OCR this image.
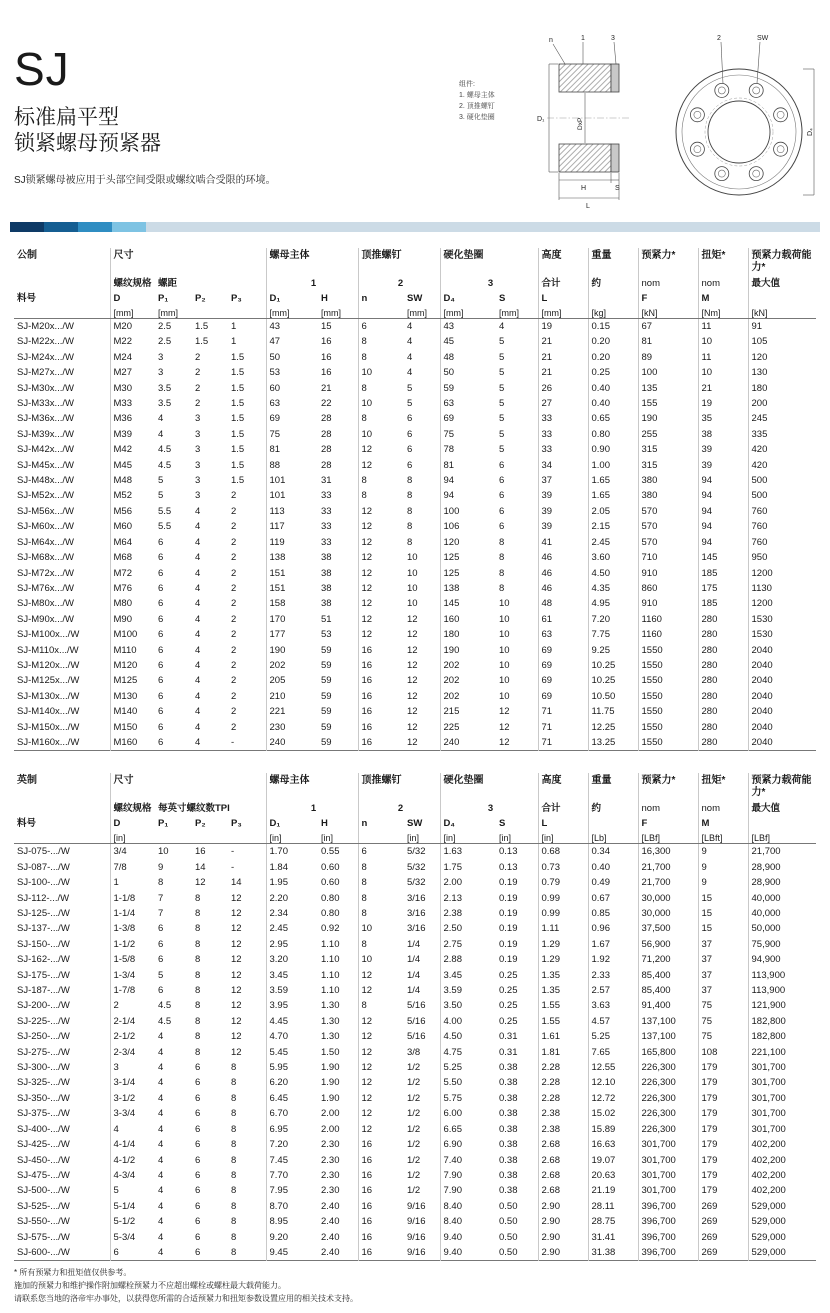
SJ
标准扁平型
锁紧螺母预紧器
SJ锁紧螺母被应用于头部空间受限或螺纹啮合受限的环境。
组件:
1. 螺母主体
2. 顶推螺钉
3. 硬化垫圈
n	1	3
D₁	DxP
H	S
L
2	SW
D₄
公制	尺寸				螺母主体		顶推螺钉		硬化垫圈		高度	重量	预紧力*	扭矩*	预紧力载荷能力*
	螺纹规格	螺距			1		2		3		合计	约	nom	nom	最大值
料号	D	P₁	P₂	P₃	D₁	H	n	SW	D₄	S	L		F	M	
	[mm]	[mm]			[mm]	[mm]		[mm]	[mm]	[mm]	[mm]	[kg]	[kN]	[Nm]	[kN]
SJ-M20x.../W	M20	2.5	1.5	1	43	15	6	4	43	4	19	0.15	67	11	91
SJ-M22x.../W	M22	2.5	1.5	1	47	16	8	4	45	5	21	0.20	81	10	105
SJ-M24x.../W	M24	3	2	1.5	50	16	8	4	48	5	21	0.20	89	11	120
SJ-M27x.../W	M27	3	2	1.5	53	16	10	4	50	5	21	0.25	100	10	130
SJ-M30x.../W	M30	3.5	2	1.5	60	21	8	5	59	5	26	0.40	135	21	180
SJ-M33x.../W	M33	3.5	2	1.5	63	22	10	5	63	5	27	0.40	155	19	200
SJ-M36x.../W	M36	4	3	1.5	69	28	8	6	69	5	33	0.65	190	35	245
SJ-M39x.../W	M39	4	3	1.5	75	28	10	6	75	5	33	0.80	255	38	335
SJ-M42x.../W	M42	4.5	3	1.5	81	28	12	6	78	5	33	0.90	315	39	420
SJ-M45x.../W	M45	4.5	3	1.5	88	28	12	6	81	6	34	1.00	315	39	420
SJ-M48x.../W	M48	5	3	1.5	101	31	8	8	94	6	37	1.65	380	94	500
SJ-M52x.../W	M52	5	3	2	101	33	8	8	94	6	39	1.65	380	94	500
SJ-M56x.../W	M56	5.5	4	2	113	33	12	8	100	6	39	2.05	570	94	760
SJ-M60x.../W	M60	5.5	4	2	117	33	12	8	106	6	39	2.15	570	94	760
SJ-M64x.../W	M64	6	4	2	119	33	12	8	120	8	41	2.45	570	94	760
SJ-M68x.../W	M68	6	4	2	138	38	12	10	125	8	46	3.60	710	145	950
SJ-M72x.../W	M72	6	4	2	151	38	12	10	125	8	46	4.50	910	185	1200
SJ-M76x.../W	M76	6	4	2	151	38	12	10	138	8	46	4.35	860	175	1130
SJ-M80x.../W	M80	6	4	2	158	38	12	10	145	10	48	4.95	910	185	1200
SJ-M90x.../W	M90	6	4	2	170	51	12	12	160	10	61	7.20	1160	280	1530
SJ-M100x.../W	M100	6	4	2	177	53	12	12	180	10	63	7.75	1160	280	1530
SJ-M110x.../W	M110	6	4	2	190	59	16	12	190	10	69	9.25	1550	280	2040
SJ-M120x.../W	M120	6	4	2	202	59	16	12	202	10	69	10.25	1550	280	2040
SJ-M125x.../W	M125	6	4	2	205	59	16	12	202	10	69	10.25	1550	280	2040
SJ-M130x.../W	M130	6	4	2	210	59	16	12	202	10	69	10.50	1550	280	2040
SJ-M140x.../W	M140	6	4	2	221	59	16	12	215	12	71	11.75	1550	280	2040
SJ-M150x.../W	M150	6	4	2	230	59	16	12	225	12	71	12.25	1550	280	2040
SJ-M160x.../W	M160	6	4	-	240	59	16	12	240	12	71	13.25	1550	280	2040
英制	尺寸				螺母主体		顶推螺钉		硬化垫圈		高度	重量	预紧力*	扭矩*	预紧力载荷能力*
	螺纹规格	每英寸螺纹数TPI			1		2		3		合计	约	nom	nom	最大值
料号	D	P₁	P₂	P₃	D₁	H	n	SW	D₄	S	L		F	M	
	[in]				[in]	[in]		[in]	[in]	[in]	[in]	[Lb]	[LBf]	[LBft]	[LBf]
SJ-075-.../W	3/4	10	16	-	1.70	0.55	6	5/32	1.63	0.13	0.68	0.34	16,300	9	21,700
SJ-087-.../W	7/8	9	14	-	1.84	0.60	8	5/32	1.75	0.13	0.73	0.40	21,700	9	28,900
SJ-100-.../W	1	8	12	14	1.95	0.60	8	5/32	2.00	0.19	0.79	0.49	21,700	9	28,900
SJ-112-.../W	1-1/8	7	8	12	2.20	0.80	8	3/16	2.13	0.19	0.99	0.67	30,000	15	40,000
SJ-125-.../W	1-1/4	7	8	12	2.34	0.80	8	3/16	2.38	0.19	0.99	0.85	30,000	15	40,000
SJ-137-.../W	1-3/8	6	8	12	2.45	0.92	10	3/16	2.50	0.19	1.11	0.96	37,500	15	50,000
SJ-150-.../W	1-1/2	6	8	12	2.95	1.10	8	1/4	2.75	0.19	1.29	1.67	56,900	37	75,900
SJ-162-.../W	1-5/8	6	8	12	3.20	1.10	10	1/4	2.88	0.19	1.29	1.92	71,200	37	94,900
SJ-175-.../W	1-3/4	5	8	12	3.45	1.10	12	1/4	3.45	0.25	1.35	2.33	85,400	37	113,900
SJ-187-.../W	1-7/8	6	8	12	3.59	1.10	12	1/4	3.59	0.25	1.35	2.57	85,400	37	113,900
SJ-200-.../W	2	4.5	8	12	3.95	1.30	8	5/16	3.50	0.25	1.55	3.63	91,400	75	121,900
SJ-225-.../W	2-1/4	4.5	8	12	4.45	1.30	12	5/16	4.00	0.25	1.55	4.57	137,100	75	182,800
SJ-250-.../W	2-1/2	4	8	12	4.70	1.30	12	5/16	4.50	0.31	1.61	5.25	137,100	75	182,800
SJ-275-.../W	2-3/4	4	8	12	5.45	1.50	12	3/8	4.75	0.31	1.81	7.65	165,800	108	221,100
SJ-300-.../W	3	4	6	8	5.95	1.90	12	1/2	5.25	0.38	2.28	12.55	226,300	179	301,700
SJ-325-.../W	3-1/4	4	6	8	6.20	1.90	12	1/2	5.50	0.38	2.28	12.10	226,300	179	301,700
SJ-350-.../W	3-1/2	4	6	8	6.45	1.90	12	1/2	5.75	0.38	2.28	12.72	226,300	179	301,700
SJ-375-.../W	3-3/4	4	6	8	6.70	2.00	12	1/2	6.00	0.38	2.38	15.02	226,300	179	301,700
SJ-400-.../W	4	4	6	8	6.95	2.00	12	1/2	6.65	0.38	2.38	15.89	226,300	179	301,700
SJ-425-.../W	4-1/4	4	6	8	7.20	2.30	16	1/2	6.90	0.38	2.68	16.63	301,700	179	402,200
SJ-450-.../W	4-1/2	4	6	8	7.45	2.30	16	1/2	7.40	0.38	2.68	19.07	301,700	179	402,200
SJ-475-.../W	4-3/4	4	6	8	7.70	2.30	16	1/2	7.90	0.38	2.68	20.63	301,700	179	402,200
SJ-500-.../W	5	4	6	8	7.95	2.30	16	1/2	7.90	0.38	2.68	21.19	301,700	179	402,200
SJ-525-.../W	5-1/4	4	6	8	8.70	2.40	16	9/16	8.40	0.50	2.90	28.11	396,700	269	529,000
SJ-550-.../W	5-1/2	4	6	8	8.95	2.40	16	9/16	8.40	0.50	2.90	28.75	396,700	269	529,000
SJ-575-.../W	5-3/4	4	6	8	9.20	2.40	16	9/16	9.40	0.50	2.90	31.41	396,700	269	529,000
SJ-600-.../W	6	4	6	8	9.45	2.40	16	9/16	9.40	0.50	2.90	31.38	396,700	269	529,000
* 所有预紧力和扭矩值仅供参考。
施加的预紧力和维护操作附加螺栓预紧力不应超出螺栓或螺柱最大载荷能力。
请联系您当地的洛帝牢办事处，以获得您所需的合适预紧力和扭矩参数设置应用的相关技术支持。
